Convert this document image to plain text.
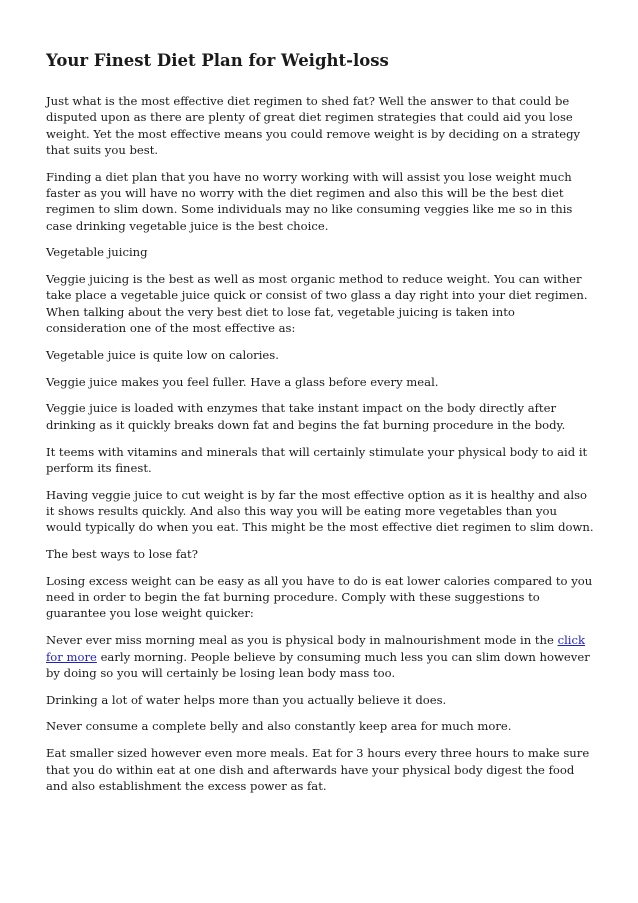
Your Finest Diet Plan for Weight-loss

Just what is the most effective diet regimen to shed fat? Well the answer to that could be disputed upon as there are plenty of great diet regimen strategies that could aid you lose weight. Yet the most effective means you could remove weight is by deciding on a strategy that suits you best.

Finding a diet plan that you have no worry working with will assist you lose weight much faster as you will have no worry with the diet regimen and also this will be the best diet regimen to slim down. Some individuals may no like consuming veggies like me so in this case drinking vegetable juice is the best choice.

Vegetable juicing

Veggie juicing is the best as well as most organic method to reduce weight. You can wither take place a vegetable juice quick or consist of two glass a day right into your diet regimen. When talking about the very best diet to lose fat, vegetable juicing is taken into consideration one of the most effective as:

Vegetable juice is quite low on calories.

Veggie juice makes you feel fuller. Have a glass before every meal.

Veggie juice is loaded with enzymes that take instant impact on the body directly after drinking as it quickly breaks down fat and begins the fat burning procedure in the body.

It teems with vitamins and minerals that will certainly stimulate your physical body to aid it perform its finest.

Having veggie juice to cut weight is by far the most effective option as it is healthy and also it shows results quickly. And also this way you will be eating more vegetables than you would typically do when you eat. This might be the most effective diet regimen to slim down.

The best ways to lose fat?

Losing excess weight can be easy as all you have to do is eat lower calories compared to you need in order to begin the fat burning procedure. Comply with these suggestions to guarantee you lose weight quicker:

Never ever miss morning meal as you is physical body in malnourishment mode in the click for more early morning. People believe by consuming much less you can slim down however by doing so you will certainly be losing lean body mass too.

Drinking a lot of water helps more than you actually believe it does.

Never consume a complete belly and also constantly keep area for much more.

Eat smaller sized however even more meals. Eat for 3 hours every three hours to make sure that you do within eat at one dish and afterwards have your physical body digest the food and also establishment the excess power as fat.
